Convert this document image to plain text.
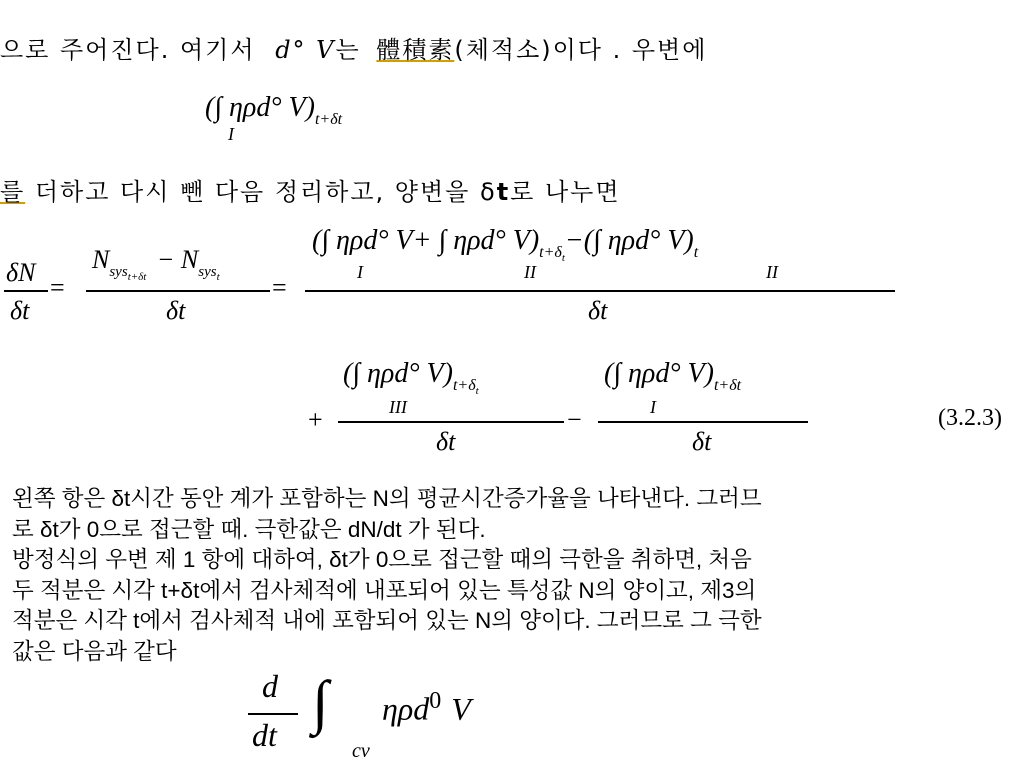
으로 주어진다. 여기서 d° V는 體積素(체적소)이다 . 우변에
(∫ ηρd° $V)_{t+\delta t}$
I
를 더하고 다시 뺀 다음 정리하고, 양변을 δt로 나누면
δN
δt
=
$N_{syst+\delta t} - N_{syst}$
δt
=
(∫ ηρd° V+ ∫ ηρd° $V)_{t+\delta t}-(\int$ ηρd° $V)_t$
I	II	II
δt
+
(∫ ηρd° $V)_{t+\delta t}$
III
δt
−
(∫ ηρd° $V)_{t+\delta t}$
I
δt
(3.2.3)
왼쪽 항은 δt시간 동안 계가 포함하는 N의 평균시간증가율을 나타낸다. 그러므
로 δt가 0으로 접근할 때. 극한값은 dN/dt 가 된다.
방정식의 우변 제 1 항에 대하여, δt가 0으로 접근할 때의 극한을 취하면, 처음
두 적분은 시각 t+δt에서 검사체적에 내포되어 있는 특성값 N의 양이고, 제3의
적분은 시각 t에서 검사체적 내에 포함되어 있는 N의 양이다. 그러므로 그 극한
값은 다음과 같다
d
dt ∫ ηρd$^0$ V
cv
